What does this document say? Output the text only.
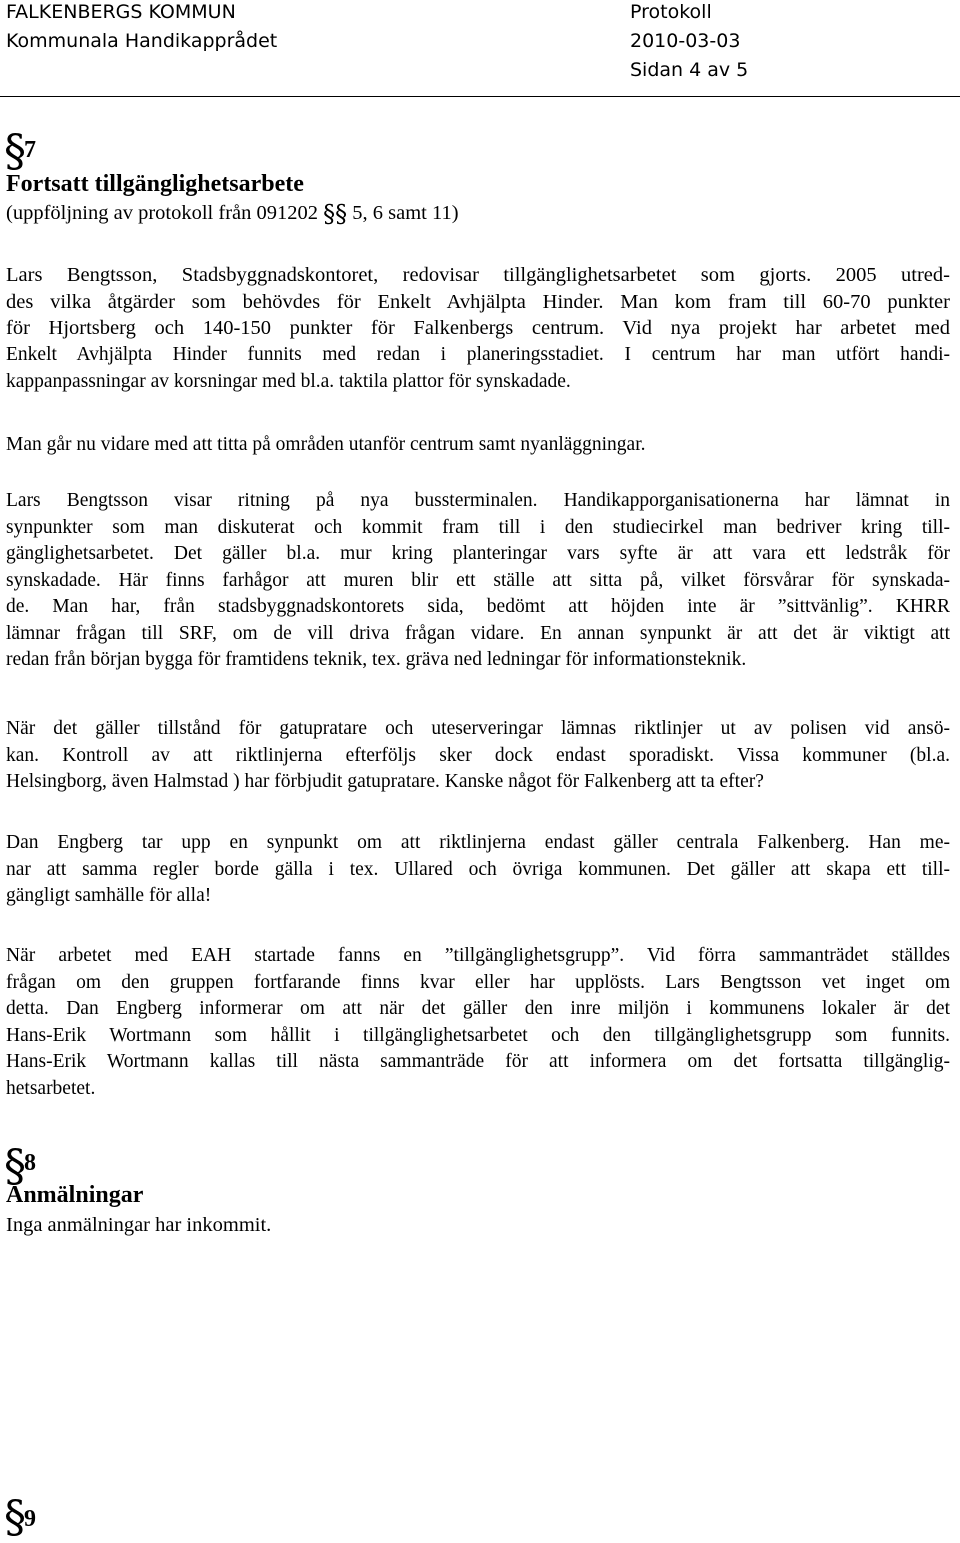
FALKENBERGS KOMMUN	Protokoll
Kommunala Handikapprådet	2010-03-03
Sidan 4 av 5
§
7
Fortsatt tillgänglighetsarbete
(uppföljning av protokoll från 091202 §§ 5, 6 samt 11)
Lars Bengtsson, Stadsbyggnadskontoret, redovisar tillgänglighetsarbetet som gjorts. 2005 utred-
des vilka åtgärder som behövdes för Enkelt Avhjälpta Hinder. Man kom fram till 60-70 punkter
för Hjortsberg och 140-150 punkter för Falkenbergs centrum. Vid nya projekt har arbetet med
Enkelt Avhjälpta Hinder funnits med redan i planeringsstadiet. I centrum har man utfört handi-
kappanpassningar av korsningar med bl.a. taktila plattor för synskadade.
Man går nu vidare med att titta på områden utanför centrum samt nyanläggningar.
Lars Bengtsson visar ritning på nya bussterminalen. Handikapporganisationerna har lämnat in
synpunkter som man diskuterat och kommit fram till i den studiecirkel man bedriver kring till-
gänglighetsarbetet. Det gäller bl.a. mur kring planteringar vars syfte är att vara ett ledstråk för
synskadade. Här finns farhågor att muren blir ett ställe att sitta på, vilket försvårar för synskada-
de. Man har, från stadsbyggnadskontorets sida, bedömt att höjden inte är ”sittvänlig”. KHRR
lämnar frågan till SRF, om de vill driva frågan vidare. En annan synpunkt är att det är viktigt att
redan från början bygga för framtidens teknik, tex. gräva ned ledningar för informationsteknik.
När det gäller tillstånd för gatupratare och uteserveringar lämnas riktlinjer ut av polisen vid ansö-
kan. Kontroll av att riktlinjerna efterföljs sker dock endast sporadiskt. Vissa kommuner (bl.a.
Helsingborg, även Halmstad ) har förbjudit gatupratare. Kanske något för Falkenberg att ta efter?
Dan Engberg tar upp en synpunkt om att riktlinjerna endast gäller centrala Falkenberg. Han me-
nar att samma regler borde gälla i tex. Ullared och övriga kommunen. Det gäller att skapa ett till-
gängligt samhälle för alla!
När arbetet med EAH startade fanns en ”tillgänglighetsgrupp”. Vid förra sammanträdet ställdes
frågan om den gruppen fortfarande finns kvar eller har upplösts. Lars Bengtsson vet inget om
detta. Dan Engberg informerar om att när det gäller den inre miljön i kommunens lokaler är det
Hans-Erik Wortmann som hållit i tillgänglighetsarbetet och den tillgänglighetsgrupp som funnits.
Hans-Erik Wortmann kallas till nästa sammanträde för att informera om det fortsatta tillgänglig-
hetsarbetet.
§
8
Anmälningar
Inga anmälningar har inkommit.
§
9
